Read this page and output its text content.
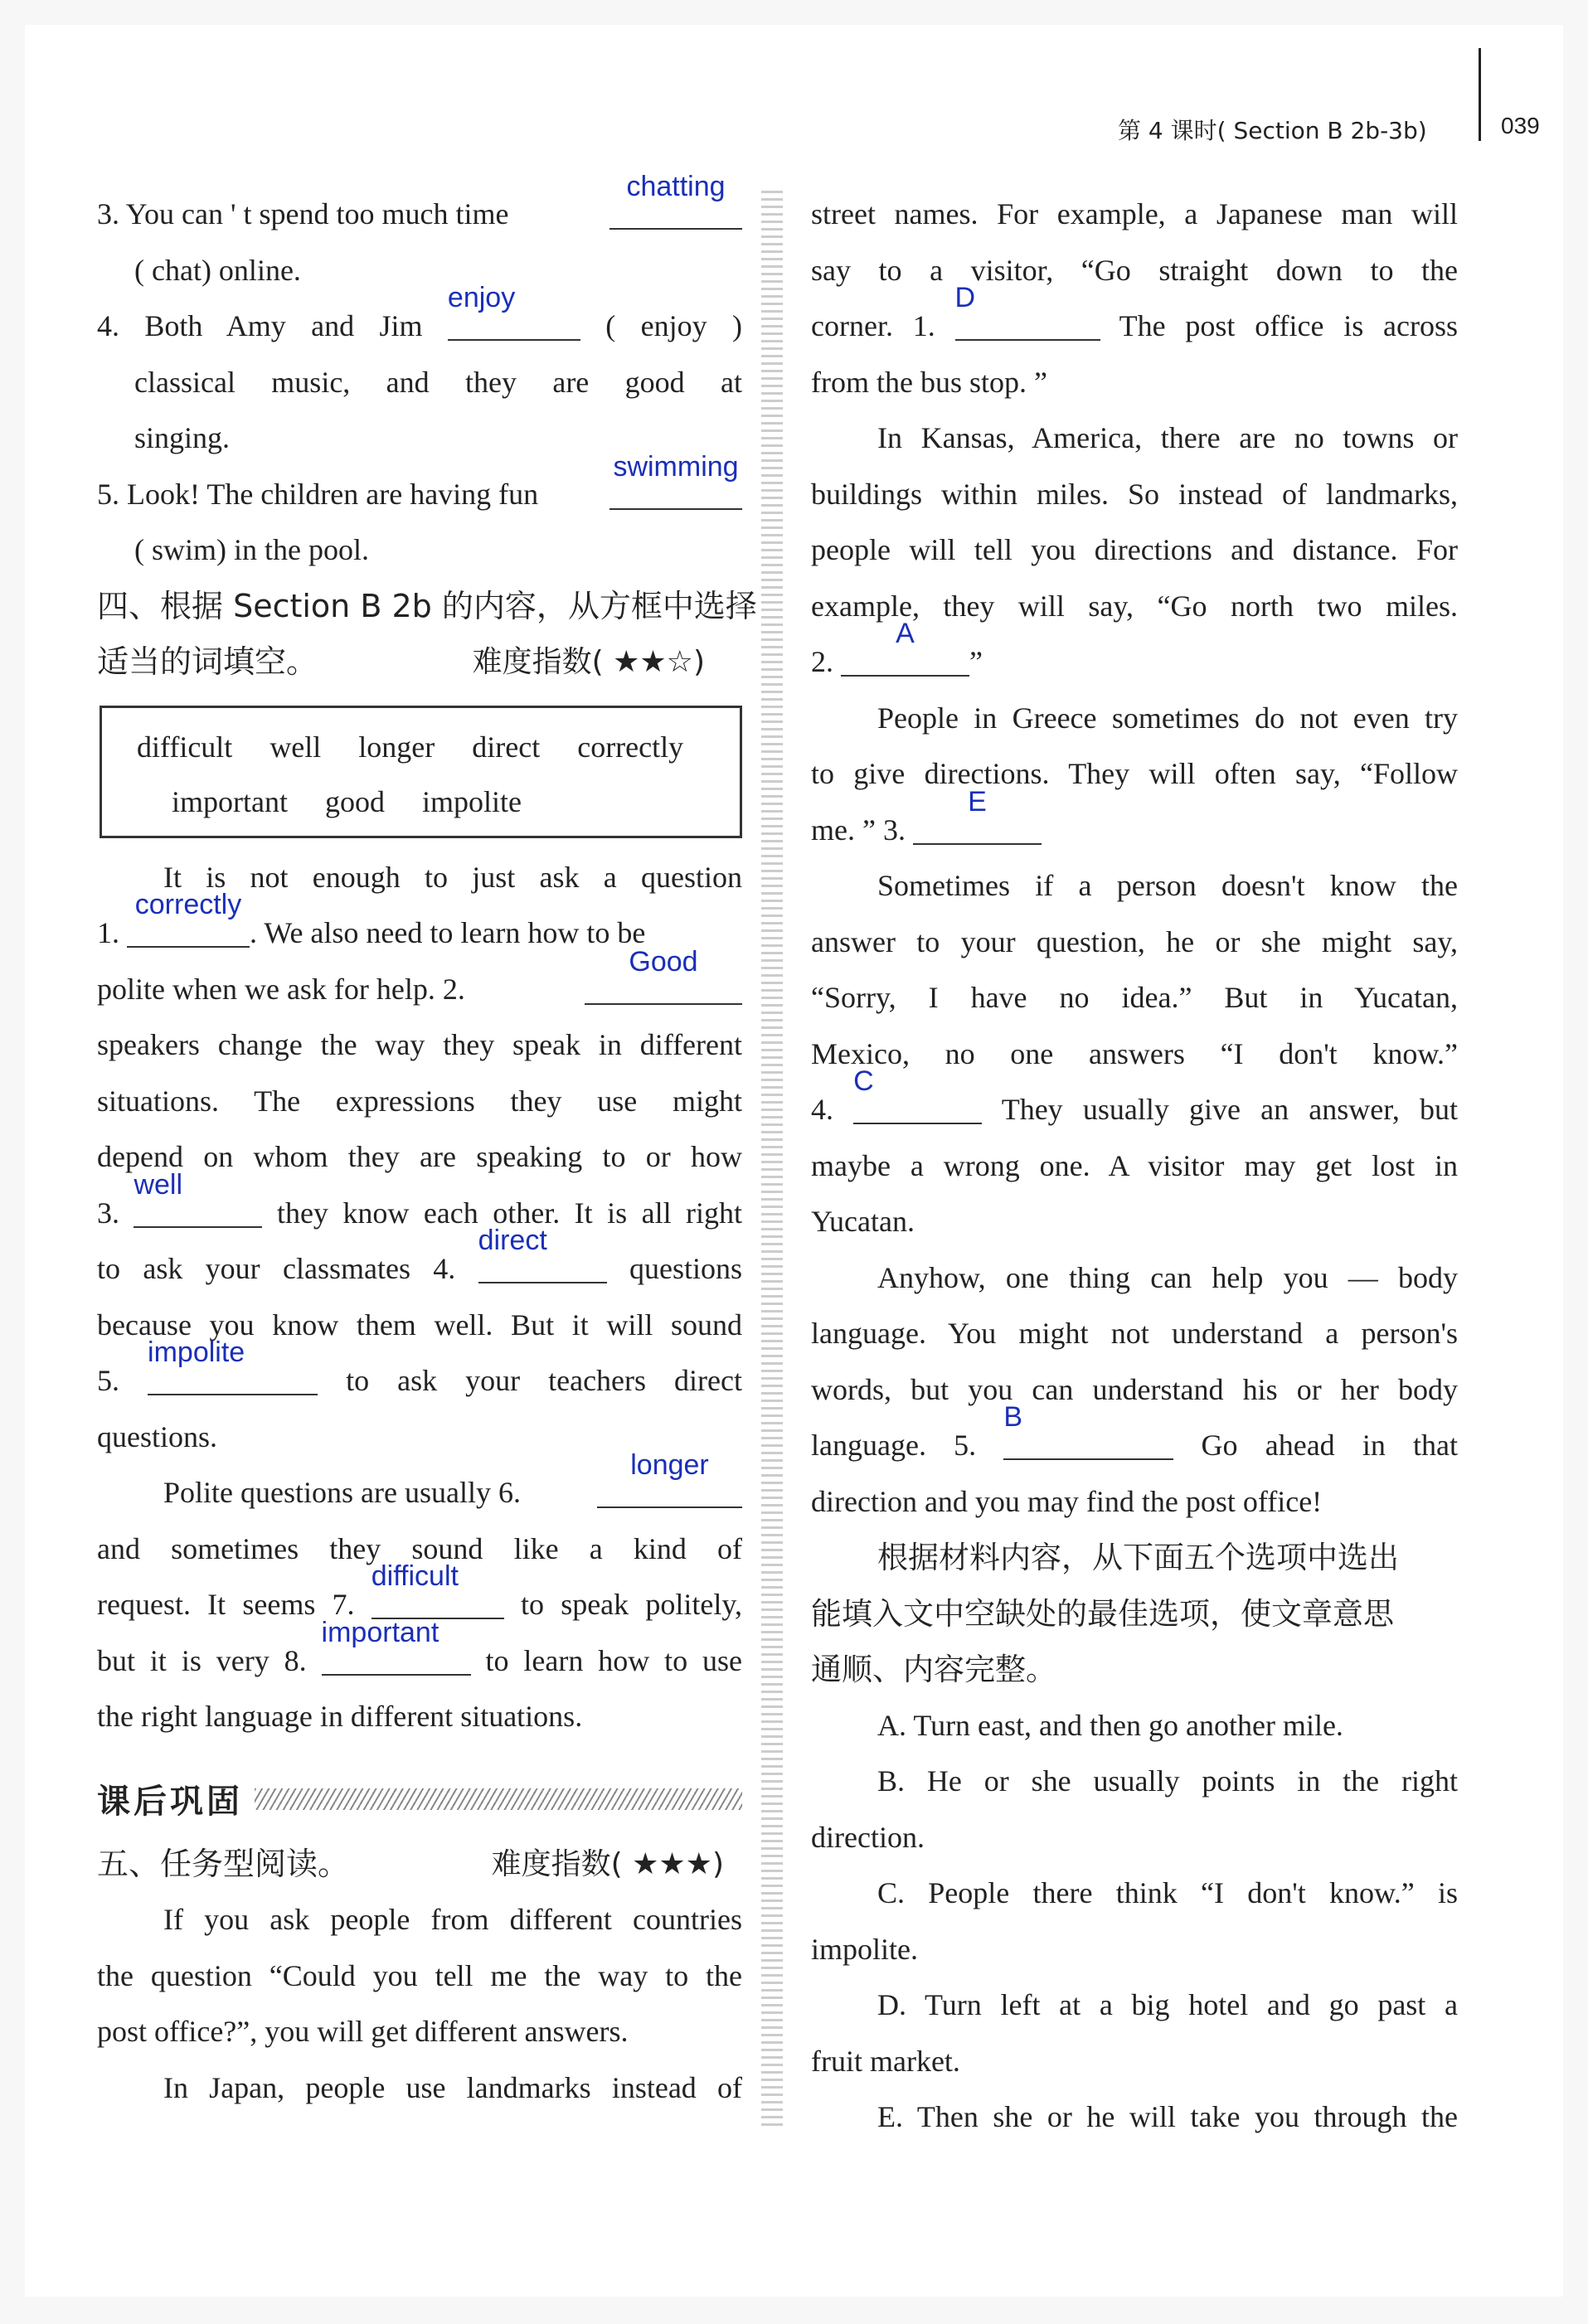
第 4 课时( Section B 2b-3b)	039
3. You can ' t spend too much time
chatting
( chat) online.
4. Both Amy and Jim
enjoy
( enjoy )
classical music, and they are good at
singing.
5. Look! The children are having fun
swimming
( swim) in the pool.
四、根据 Section B 2b 的内容，从方框中选择
适当的词填空。	难度指数( ★★☆)
difficult well longer direct correctly
important good impolite
It is not enough to just ask a question
1.
correctly
. We also need to learn how to be
polite when we ask for help. 2.
Good
speakers change the way they speak in different
situations. The expressions they use might
depend on whom they are speaking to or how
3.
well
they know each other. It is all right
to ask your classmates 4.
direct
questions
because you know them well. But it will sound
5.
impolite
to ask your teachers direct
questions.
Polite questions are usually 6.
longer
and sometimes they sound like a kind of
request. It seems 7.
difficult
to speak politely,
but it is very 8.
important
to learn how to use
the right language in different situations.
课后巩固
五、任务型阅读。	难度指数( ★★★)
If you ask people from different countries
the question “Could you tell me the way to the
post office?”, you will get different answers.
In Japan, people use landmarks instead of
street names. For example, a Japanese man will
say to a visitor, “Go straight down to the
corner. 1.
D
The post office is across
from the bus stop. ”
In Kansas, America, there are no towns or
buildings within miles. So instead of landmarks,
people will tell you directions and distance. For
example, they will say, “Go north two miles.
2.
A
”
People in Greece sometimes do not even try
to give directions. They will often say, “Follow
me. ” 3.
E
Sometimes if a person doesn't know the
answer to your question, he or she might say,
“Sorry, I have no idea.” But in Yucatan,
Mexico, no one answers “I don't know.”
4.
C
They usually give an answer, but
maybe a wrong one. A visitor may get lost in
Yucatan.
Anyhow, one thing can help you — body
language. You might not understand a person's
words, but you can understand his or her body
language. 5.
B
Go ahead in that
direction and you may find the post office!
根据材料内容，从下面五个选项中选出
能填入文中空缺处的最佳选项，使文章意思
通顺、内容完整。
A. Turn east, and then go another mile.
B. He or she usually points in the right
direction.
C. People there think “I don't know.” is
impolite.
D. Turn left at a big hotel and go past a
fruit market.
E. Then she or he will take you through the
